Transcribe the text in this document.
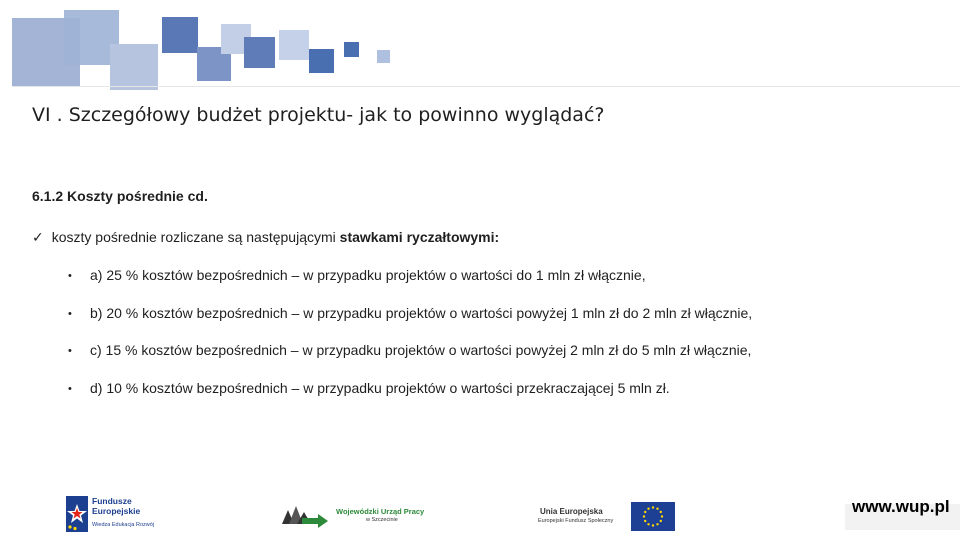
VI . Szczegółowy budżet projektu- jak to powinno wyglądać?
6.1.2 Koszty pośrednie cd.
✓ koszty pośrednie rozliczane są następującymi stawkami ryczałtowymi:
• a) 25 % kosztów bezpośrednich – w przypadku projektów o wartości do 1 mln zł włącznie,
• b) 20 % kosztów bezpośrednich – w przypadku projektów o wartości powyżej 1 mln zł do 2 mln zł włącznie,
• c) 15 % kosztów bezpośrednich – w przypadku projektów o wartości powyżej 2 mln zł do 5 mln zł włącznie,
• d) 10 % kosztów bezpośrednich – w przypadku projektów o wartości przekraczającej 5 mln zł.
Fundusze
Europejskie
Wiedza Edukacja Rozwój
Wojewódzki Urząd Pracy
w Szczecinie
Unia Europejska
Europejski Fundusz Społeczny
www.wup.pl
